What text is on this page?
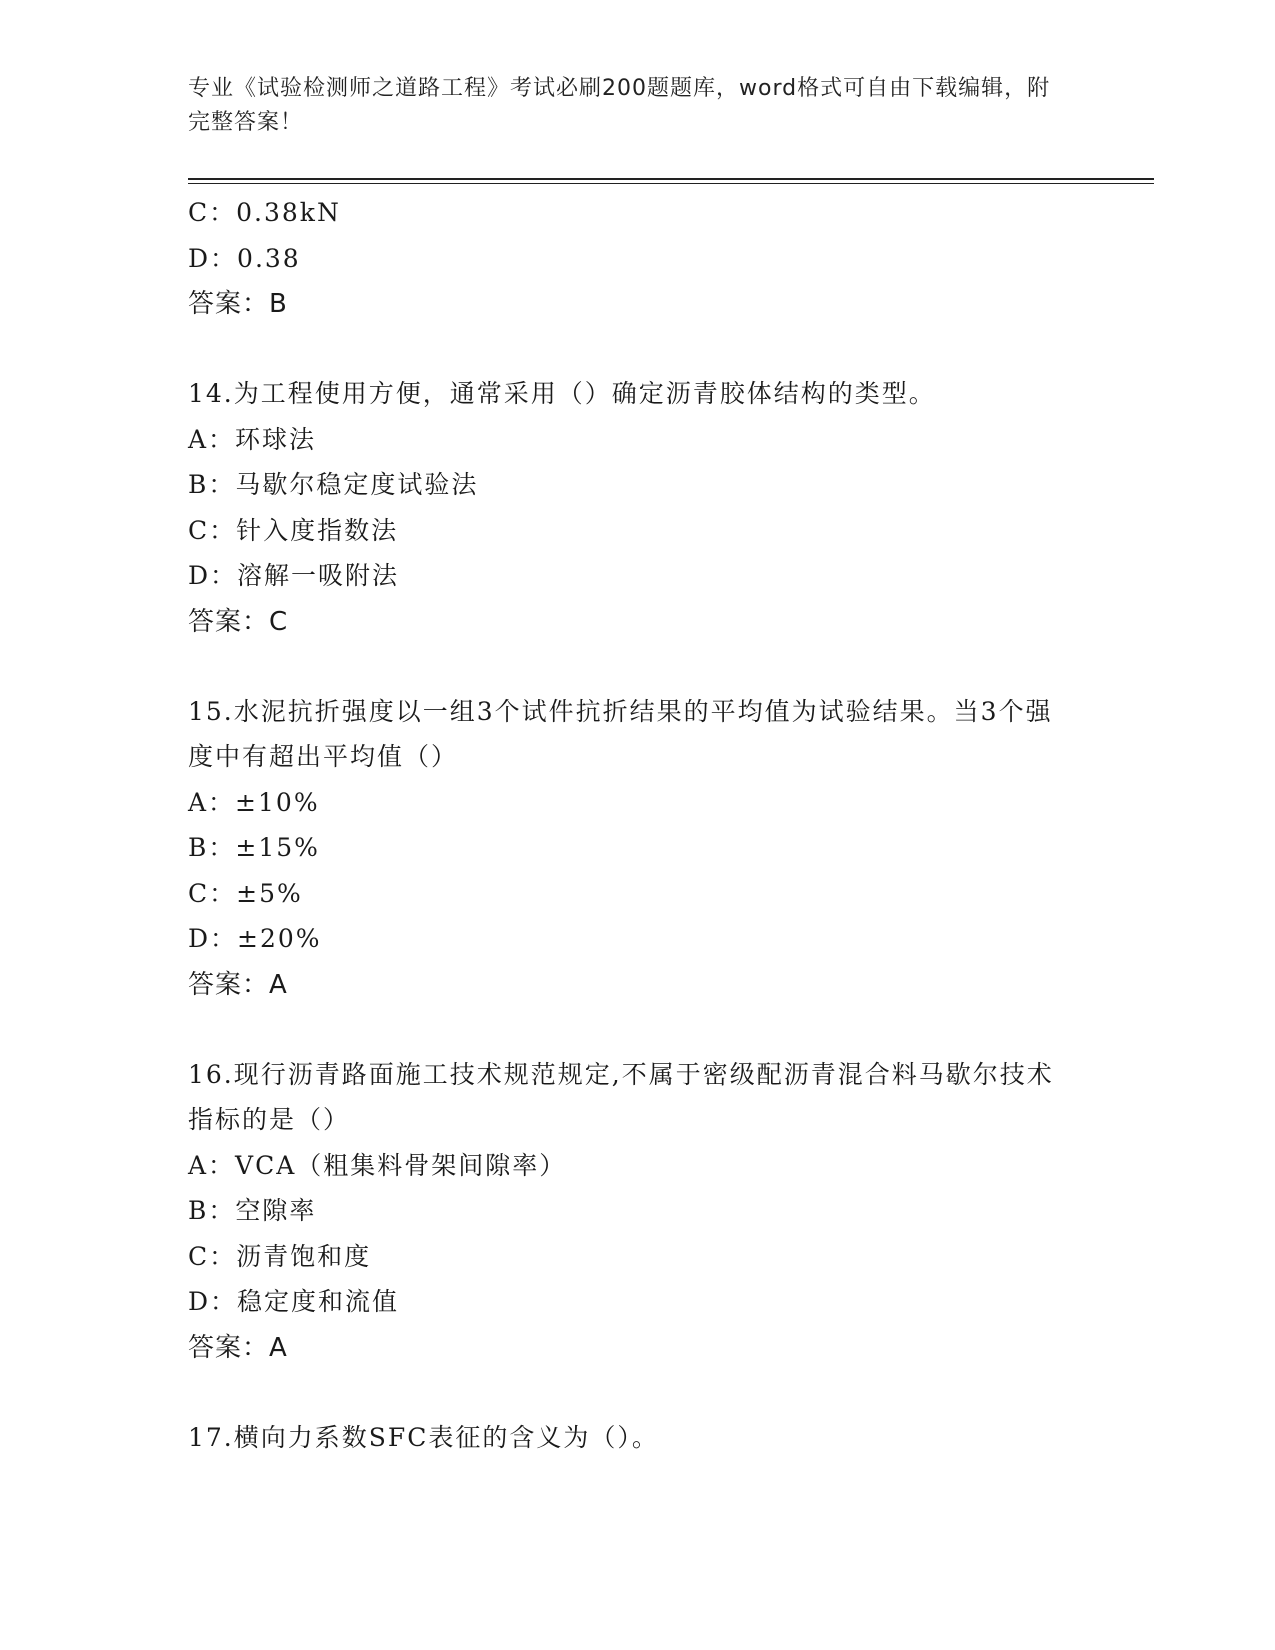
专业《试验检测师之道路工程》考试必刷200题题库，word格式可自由下载编辑，附完整答案！
C：0.38kN
D：0.38
答案：B
14.为工程使用方便，通常采用（）确定沥青胶体结构的类型。
A：环球法
B：马歇尔稳定度试验法
C：针入度指数法
D：溶解一吸附法
答案：C
15.水泥抗折强度以一组3个试件抗折结果的平均值为试验结果。当3个强度中有超出平均值（）
A：±10%
B：±15%
C：±5%
D：±20%
答案：A
16.现行沥青路面施工技术规范规定,不属于密级配沥青混合料马歇尔技术指标的是（）
A：VCA（粗集料骨架间隙率）
B：空隙率
C：沥青饱和度
D：稳定度和流值
答案：A
17.横向力系数SFC表征的含义为（）。
